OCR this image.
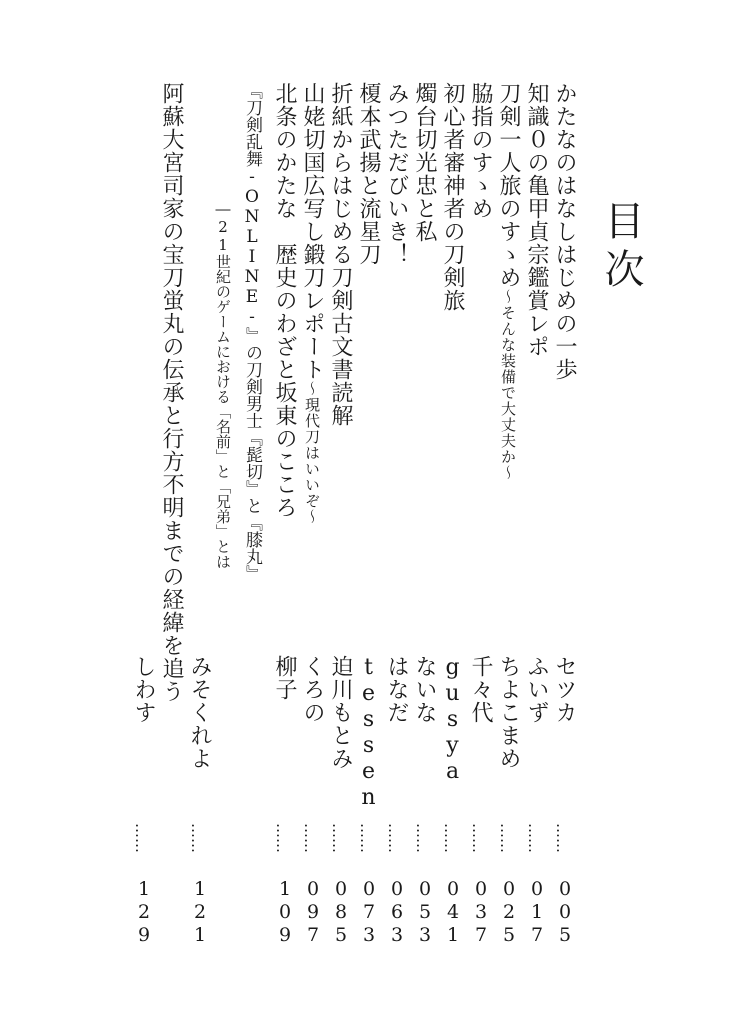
目次
かたなのはなしはじめの一歩
セツカ
……
005
知識０の亀甲貞宗鑑賞レポ
ふいず
……
017
刀剣一人旅のすゝめ～そんな装備で大丈夫か～
ちよこまめ
……
025
脇指のすゝめ
千々代
……
037
初心者審神者の刀剣旅
gusya
……
041
燭台切光忠と私
ないな
……
053
みつただびいき！
はなだ
……
063
榎本武揚と流星刀
tessen
……
073
折紙からはじめる刀剣古文書読解
迫川もとみ
……
085
山姥切国広写し鍛刀レポート～現代刀はいいぞ～
くろの
……
097
北条のかたな　歴史のわざと坂東のこころ
柳子
……
109
『刀剣乱舞-ONLINE-』の刀剣男士『髭切』と『膝丸』
―21世紀のゲームにおける「名前」と「兄弟」とは
みそくれよ
……
121
阿蘇大宮司家の宝刀蛍丸の伝承と行方不明までの経緯を追う
しわす
……
129
